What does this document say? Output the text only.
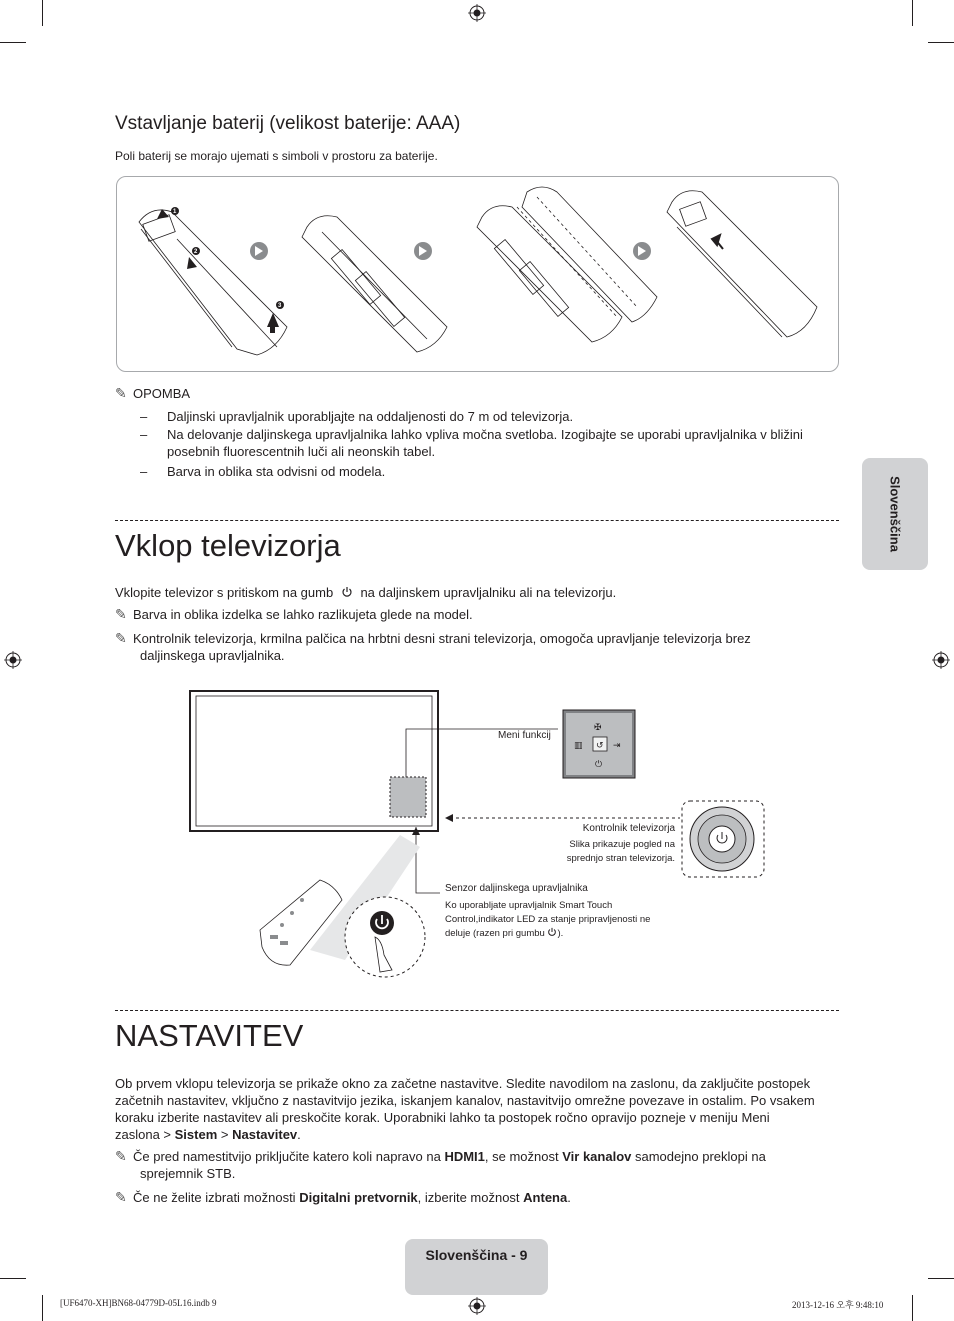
Vstavljanje baterij (velikost baterije: AAA)
Poli baterij se morajo ujemati s simboli v prostoru za baterije.
1
2
3
✎ OPOMBA
– Daljinski upravljalnik uporabljajte na oddaljenosti do 7 m od televizorja.
– Na delovanje daljinskega upravljalnika lahko vpliva močna svetloba. Izogibajte se uporabi upravljalnika v bližini
posebnih fluorescentnih luči ali neonskih tabel.
– Barva in oblika sta odvisni od modela.
Slovenščina
Vklop televizorja
Vklopite televizor s pritiskom na gumb na daljinskem upravljalniku ali na televizorju.
✎ Barva in oblika izdelka se lahko razlikujeta glede na model.
✎ Kontrolnik televizorja, krmilna palčica na hrbtni desni strani televizorja, omogoča upravljanje televizorja brez
daljinskega upravljalnika.
↺
✠
▥	⇥
⏻
Meni funkcij
Kontrolnik televizorja
Slika prikazuje pogled na
sprednjo stran televizorja.
Senzor daljinskega upravljalnika
Ko uporabljate upravljalnik Smart Touch
Control,indikator LED za stanje pripravljenosti ne
deluje (razen pri gumbu ).
NASTAVITEV
Ob prvem vklopu televizorja se prikaže okno za začetne nastavitve. Sledite navodilom na zaslonu, da zaključite postopek
začetnih nastavitev, vključno z nastavitvijo jezika, iskanjem kanalov, nastavitvijo omrežne povezave in ostalim. Po vsakem
koraku izberite nastavitev ali preskočite korak. Uporabniki lahko ta postopek ročno opravijo pozneje v meniju Meni
zaslona > Sistem > Nastavitev.
✎ Če pred namestitvijo priključite katero koli napravo na HDMI1, se možnost Vir kanalov samodejno preklopi na
sprejemnik STB.
✎ Če ne želite izbrati možnosti Digitalni pretvornik, izberite možnost Antena.
Slovenščina - 9
[UF6470-XH]BN68-04779D-05L16.indb 9	2013-12-16 오후 9:48:10
